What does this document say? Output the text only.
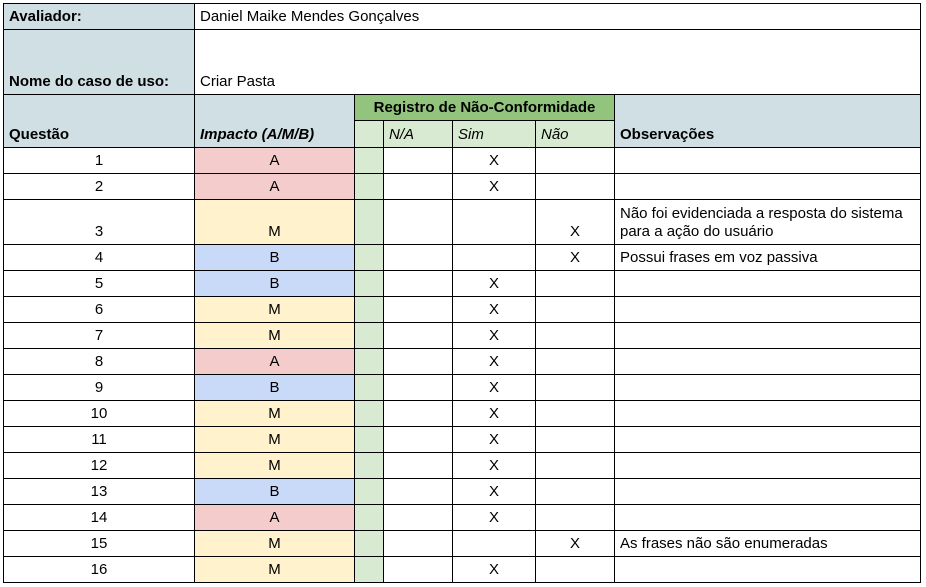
Avaliador:	Daniel Maike Mendes Gonçalves					
Nome do caso de uso:	Criar Pasta					
Questão	Impacto (A/M/B)	Registro de Não-Conformidade				Observações
			N/A	Sim	Não	
1	A			X		
2	A			X		
3	M				X	Não foi evidenciada a resposta do sistema para a ação do usuário
4	B				X	Possui frases em voz passiva
5	B			X		
6	M			X		
7	M			X		
8	A			X		
9	B			X		
10	M			X		
11	M			X		
12	M			X		
13	B			X		
14	A			X		
15	M				X	As frases não são enumeradas
16	M			X		
